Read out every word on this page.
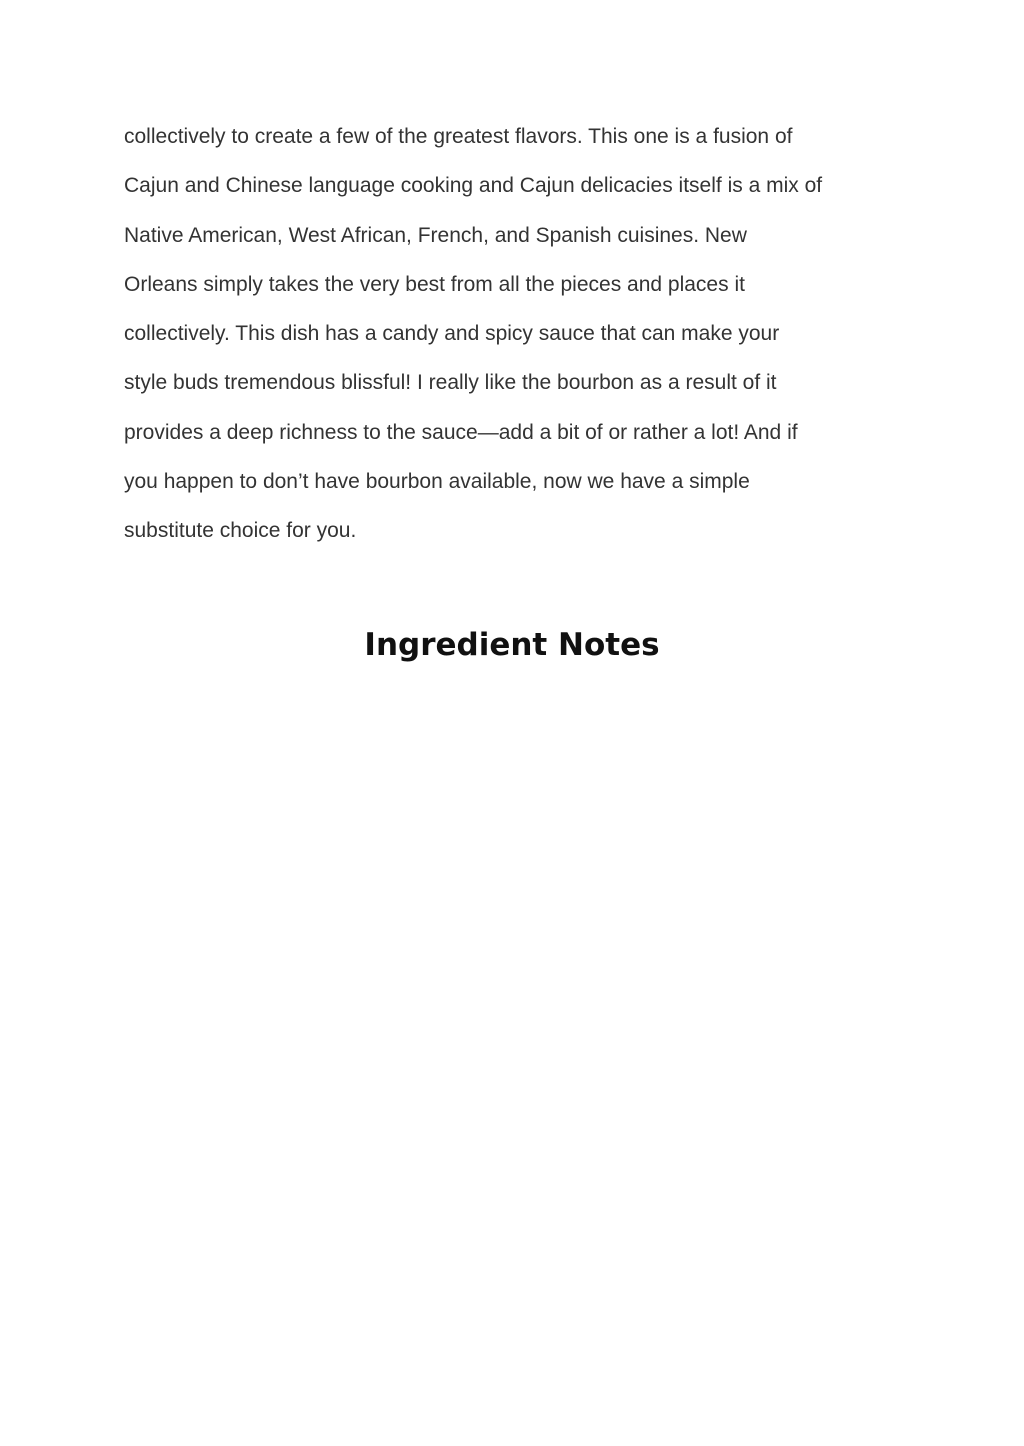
collectively to create a few of the greatest flavors. This one is a fusion of
Cajun and Chinese language cooking and Cajun delicacies itself is a mix of
Native American, West African, French, and Spanish cuisines. New
Orleans simply takes the very best from all the pieces and places it
collectively. This dish has a candy and spicy sauce that can make your
style buds tremendous blissful! I really like the bourbon as a result of it
provides a deep richness to the sauce—add a bit of or rather a lot! And if
you happen to don’t have bourbon available, now we have a simple
substitute choice for you.

Ingredient Notes
